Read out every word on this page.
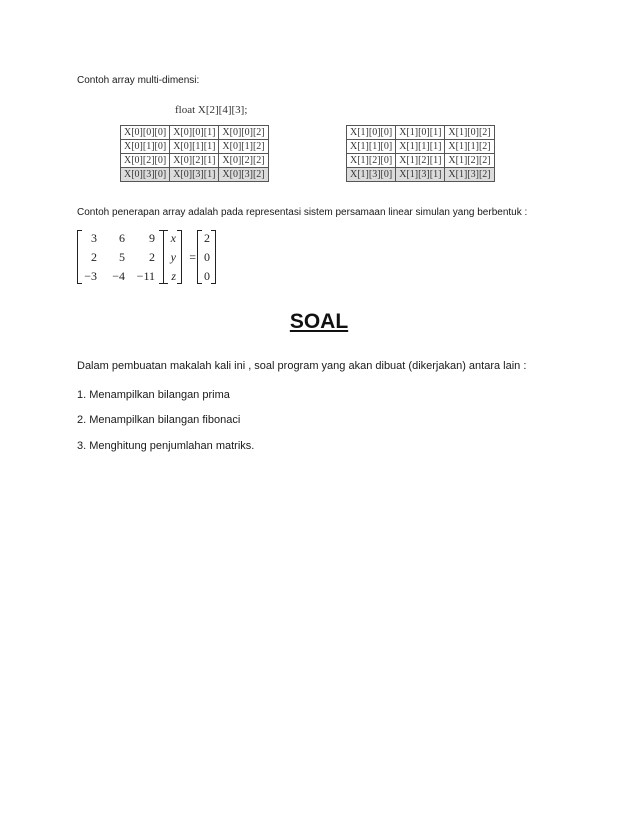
Contoh array multi-dimensi:
float X[2][4][3];
X[0][0][0]	X[0][0][1]	X[0][0][2]
X[0][1][0]	X[0][1][1]	X[0][1][2]
X[0][2][0]	X[0][2][1]	X[0][2][2]
X[0][3][0]	X[0][3][1]	X[0][3][2]
X[1][0][0]	X[1][0][1]	X[1][0][2]
X[1][1][0]	X[1][1][1]	X[1][1][2]
X[1][2][0]	X[1][2][1]	X[1][2][2]
X[1][3][0]	X[1][3][1]	X[1][3][2]
Contoh penerapan array adalah pada representasi sistem persamaan linear simulan yang berbentuk :
3	6	9
2	5	2
−3	−4 −11
x
y
z
=
2
0
0
SOAL
Dalam pembuatan makalah kali ini , soal program yang akan dibuat (dikerjakan) antara lain :
1. Menampilkan bilangan prima
2. Menampilkan bilangan fibonaci
3. Menghitung penjumlahan matriks.
